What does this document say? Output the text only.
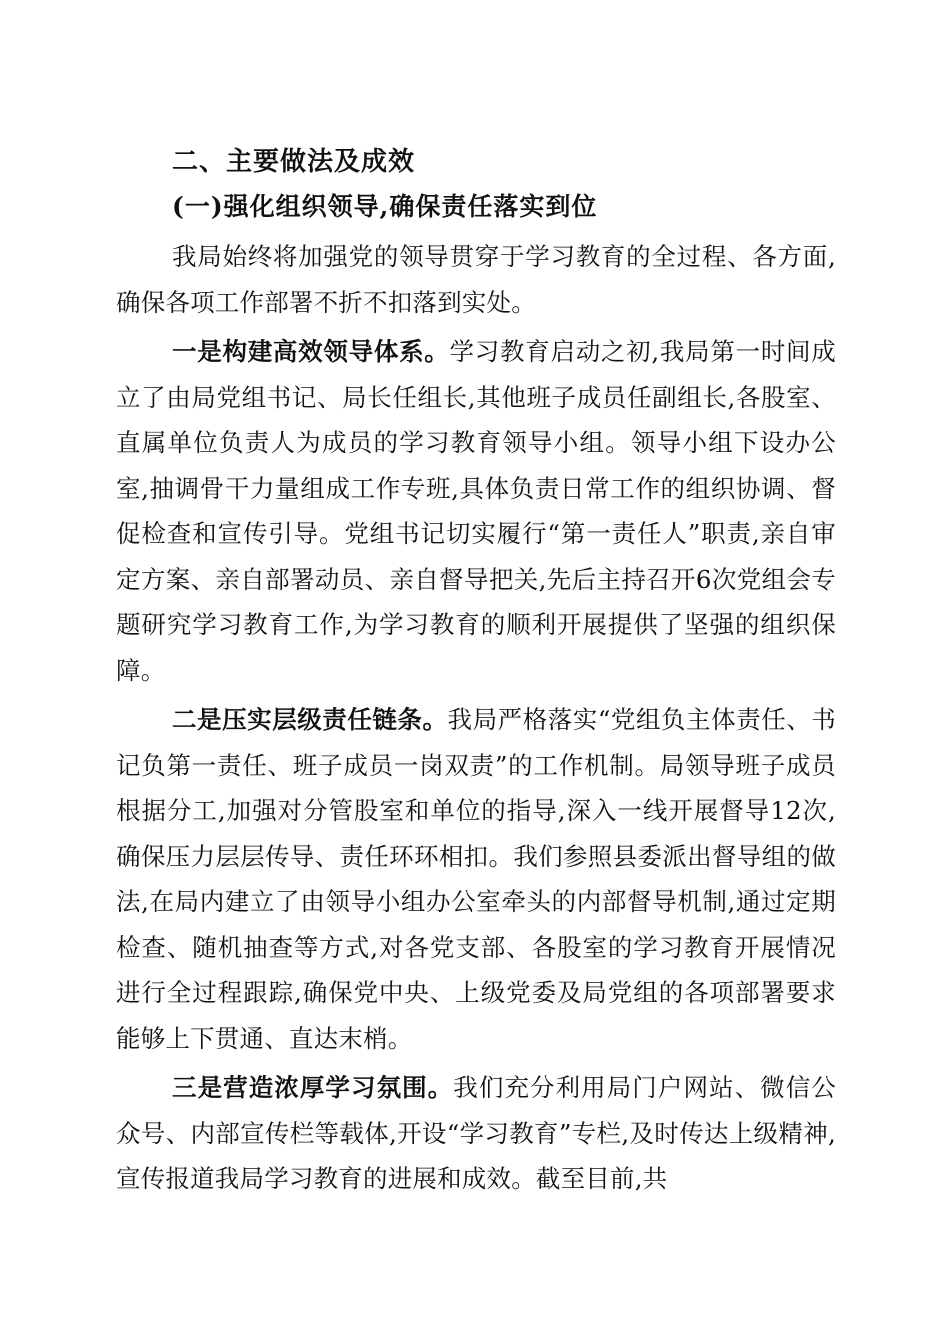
二、主要做法及成效
(一)强化组织领导,确保责任落实到位

我局始终将加强党的领导贯穿于学习教育的全过程、各方面,确保各项工作部署不折不扣落到实处。

一是构建高效领导体系。学习教育启动之初,我局第一时间成立了由局党组书记、局长任组长,其他班子成员任副组长,各股室、直属单位负责人为成员的学习教育领导小组。领导小组下设办公室,抽调骨干力量组成工作专班,具体负责日常工作的组织协调、督促检查和宣传引导。党组书记切实履行“第一责任人”职责,亲自审定方案、亲自部署动员、亲自督导把关,先后主持召开6次党组会专题研究学习教育工作,为学习教育的顺利开展提供了坚强的组织保障。

二是压实层级责任链条。我局严格落实“党组负主体责任、书记负第一责任、班子成员一岗双责”的工作机制。局领导班子成员根据分工,加强对分管股室和单位的指导,深入一线开展督导12次,确保压力层层传导、责任环环相扣。我们参照县委派出督导组的做法,在局内建立了由领导小组办公室牵头的内部督导机制,通过定期检查、随机抽查等方式,对各党支部、各股室的学习教育开展情况进行全过程跟踪,确保党中央、上级党委及局党组的各项部署要求能够上下贯通、直达末梢。

三是营造浓厚学习氛围。我们充分利用局门户网站、微信公众号、内部宣传栏等载体,开设“学习教育”专栏,及时传达上级精神,宣传报道我局学习教育的进展和成效。截至目前,共
